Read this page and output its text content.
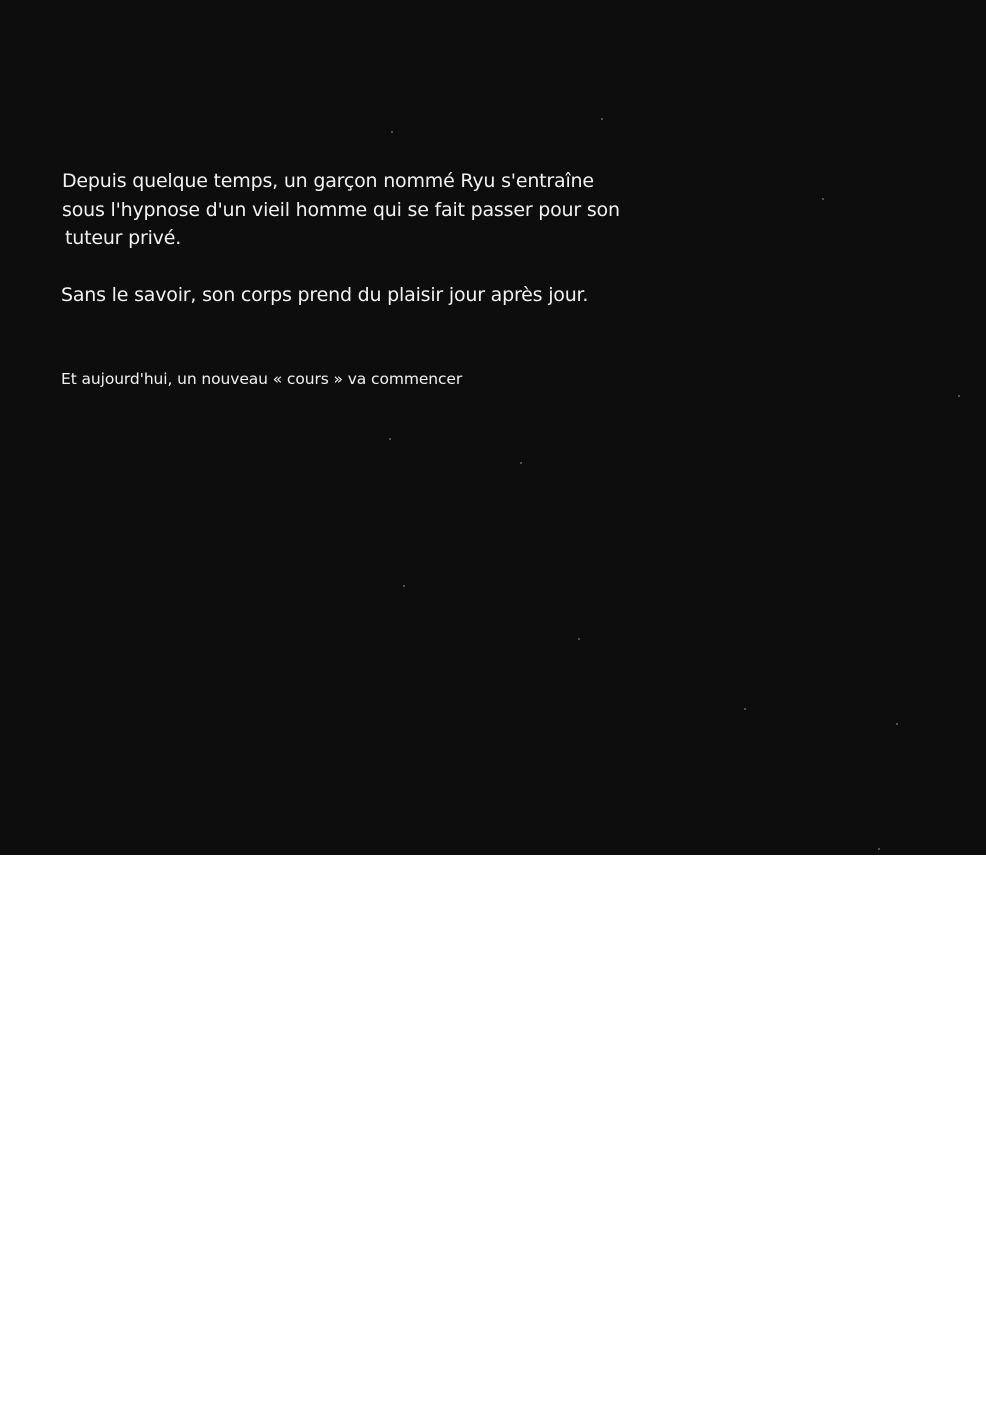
Depuis quelque temps, un garçon nommé Ryu s'entraîne
sous l'hypnose d'un vieil homme qui se fait passer pour son
tuteur privé.
Sans le savoir, son corps prend du plaisir jour après jour.
Et aujourd'hui, un nouveau « cours » va commencer
